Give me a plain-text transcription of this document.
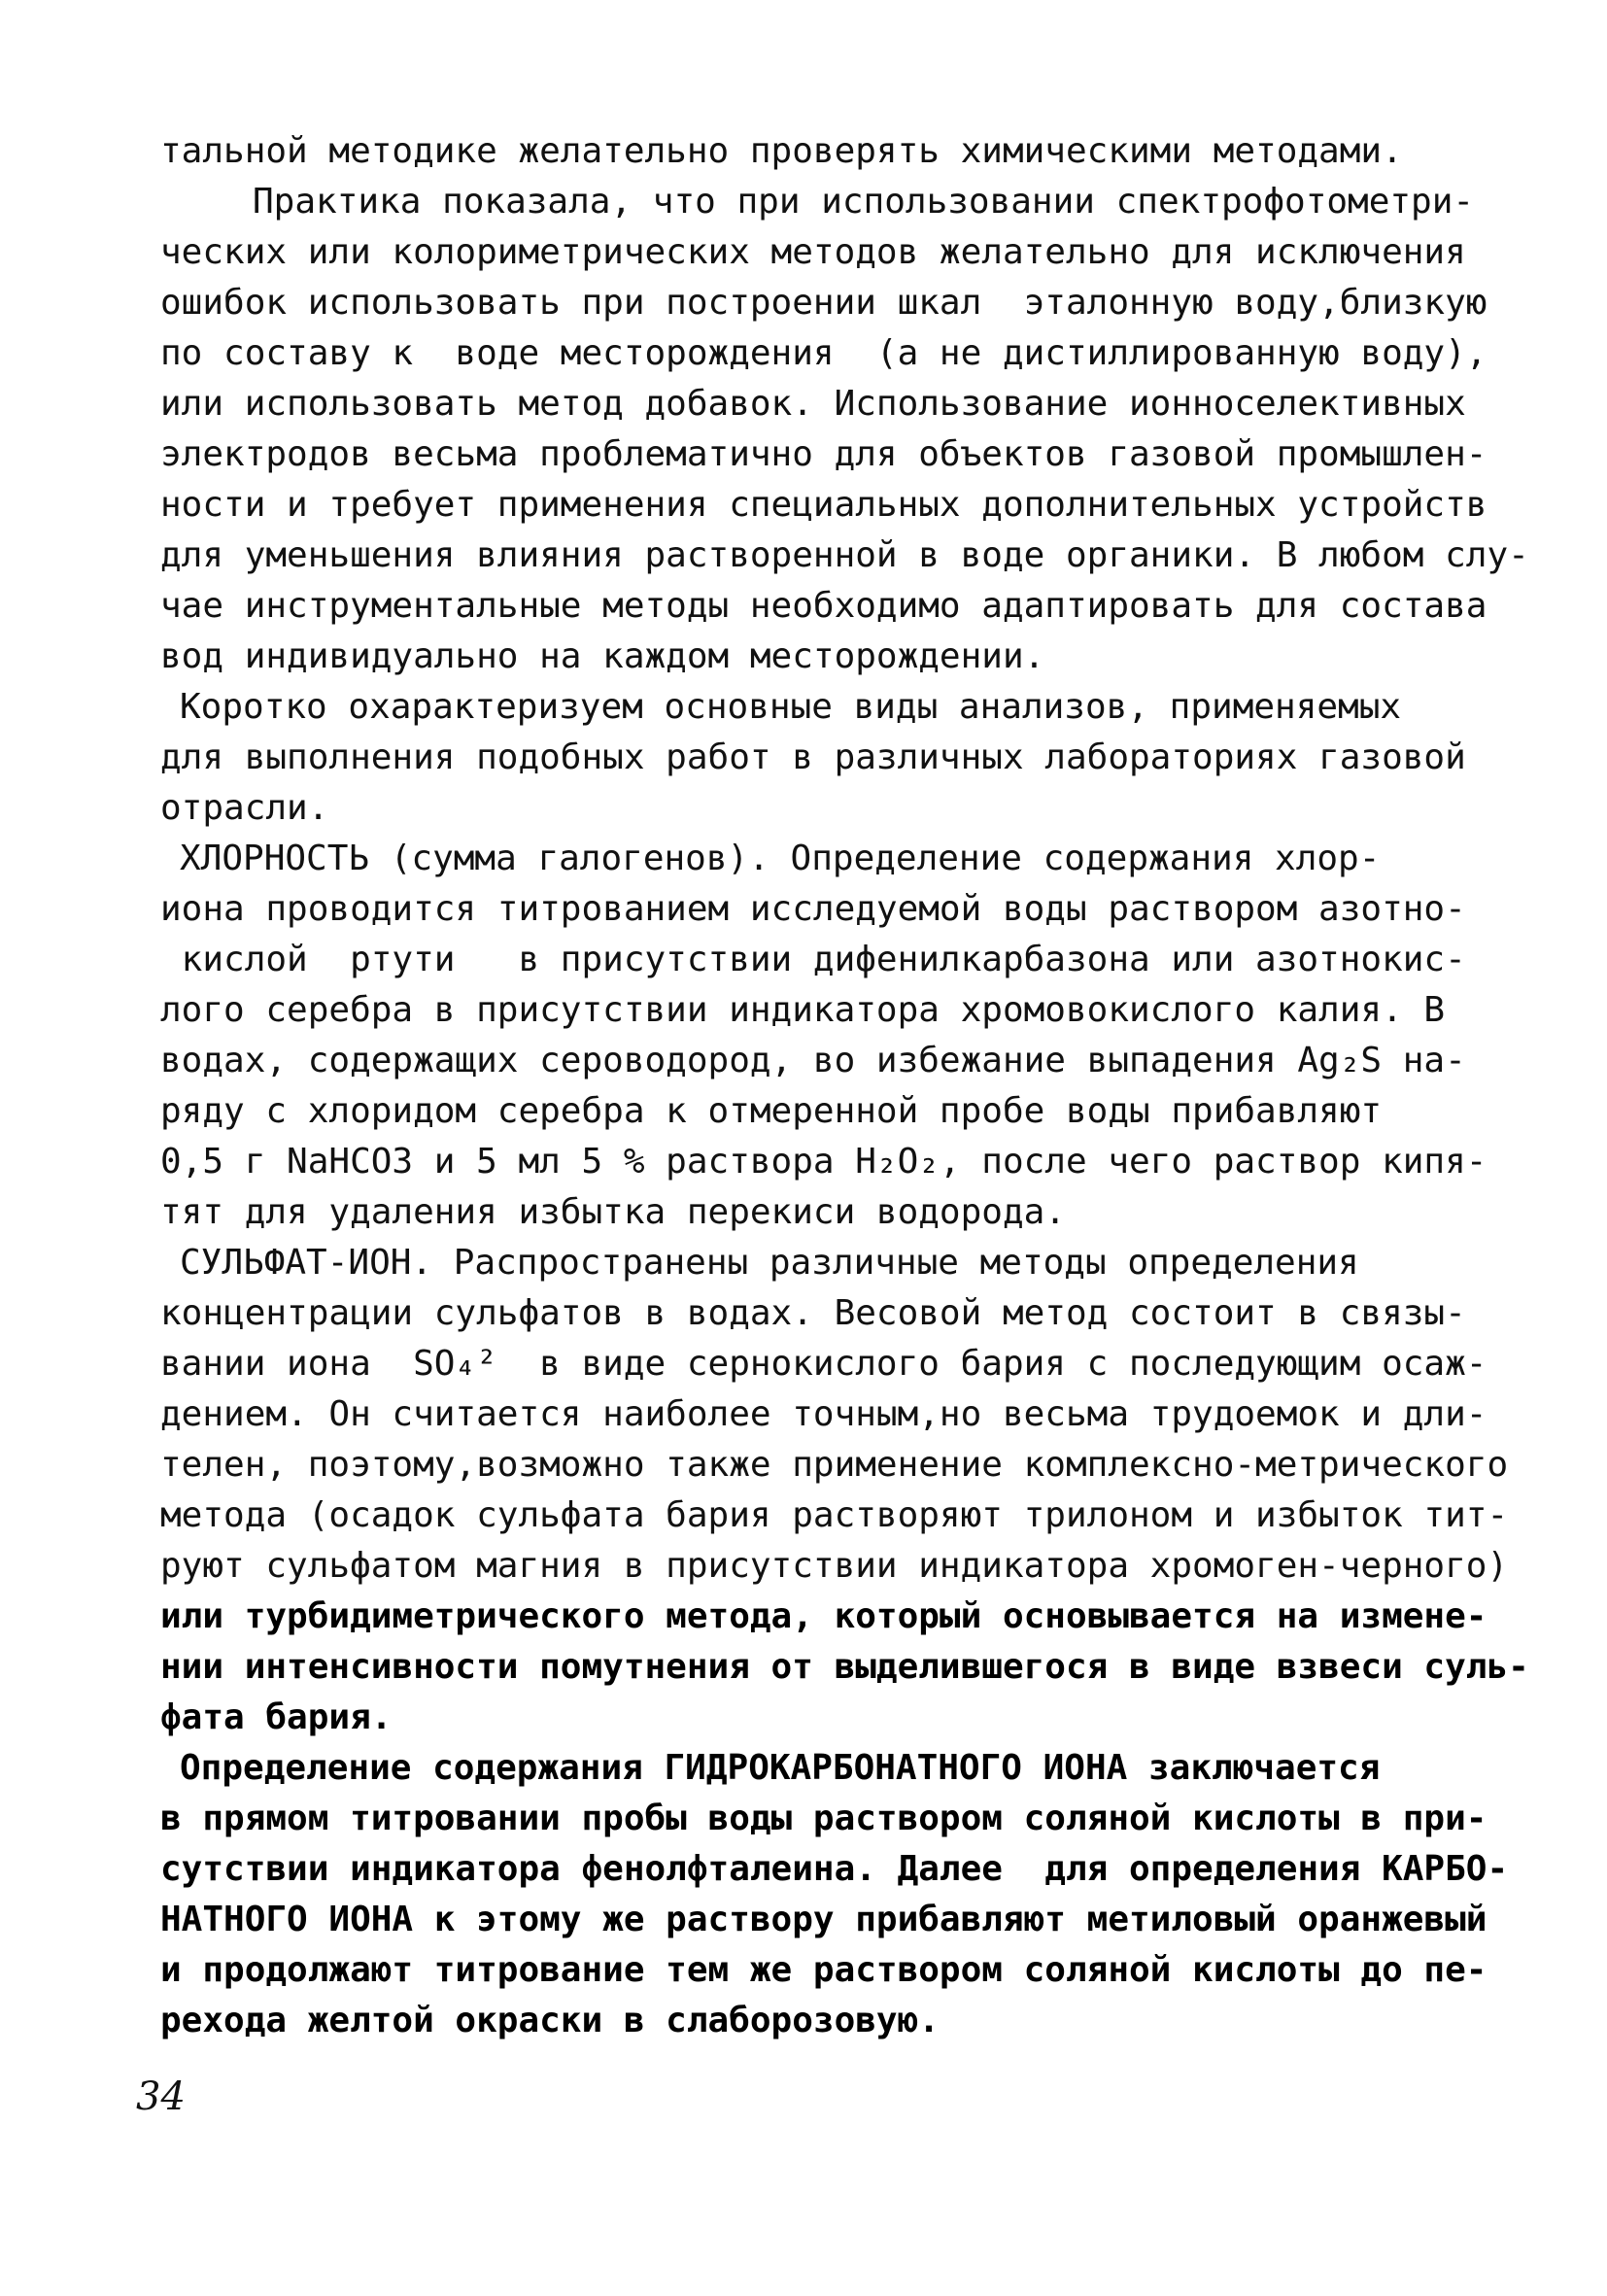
тальной методике желательно проверять химическими методами.
Практика показала, что при использовании спектрофотометри-
ческих или колориметрических методов желательно для исключения
ошибок использовать при построении шкал  эталонную воду,близкую
по составу к  воде месторождения  (а не дистиллированную воду),
или использовать метод добавок. Использование ионноселективных
электродов весьма проблематично для объектов газовой промышлен-
ности и требует применения специальных дополнительных устройств
для уменьшения влияния растворенной в воде органики. В любом слу-
чае инструментальные методы необходимо адаптировать для состава
вод индивидуально на каждом месторождении.
Коротко охарактеризуем основные виды анализов, применяемых
для выполнения подобных работ в различных лабораториях газовой
отрасли.
ХЛОРНОСТЬ (сумма галогенов). Определение содержания хлор-
иона проводится титрованием исследуемой воды раствором азотно-
кислой  ртути   в присутствии дифенилкарбазона или азотнокис-
лого серебра в присутствии индикатора хромовокислого калия. В
водах, содержащих сероводород, во избежание выпадения Ag₂S на-
ряду с хлоридом серебра к отмеренной пробе воды прибавляют
0,5 г NaHCO3 и 5 мл 5 % раствора H₂O₂, после чего раствор кипя-
тят для удаления избытка перекиси водорода.
СУЛЬФАТ-ИОН. Распространены различные методы определения
концентрации сульфатов в водах. Весовой метод состоит в связы-
вании иона  SO₄²  в виде сернокислого бария с последующим осаж-
дением. Он считается наиболее точным,но весьма трудоемок и дли-
телен, поэтому,возможно также применение комплексно-метрического
метода (осадок сульфата бария растворяют трилоном и избыток тит-
руют сульфатом магния в присутствии индикатора хромоген-черного)
или турбидиметрического метода, который основывается на измене-
нии интенсивности помутнения от выделившегося в виде взвеси суль-
фата бария.
Определение содержания ГИДРОКАРБОНАТНОГО ИОНА заключается
в прямом титровании пробы воды раствором соляной кислоты в при-
сутствии индикатора фенолфталеина. Далее  для определения КАРБО-
НАТНОГО ИОНА к этому же раствору прибавляют метиловый оранжевый
и продолжают титрование тем же раствором соляной кислоты до пе-
рехода желтой окраски в слаборозовую.
34
